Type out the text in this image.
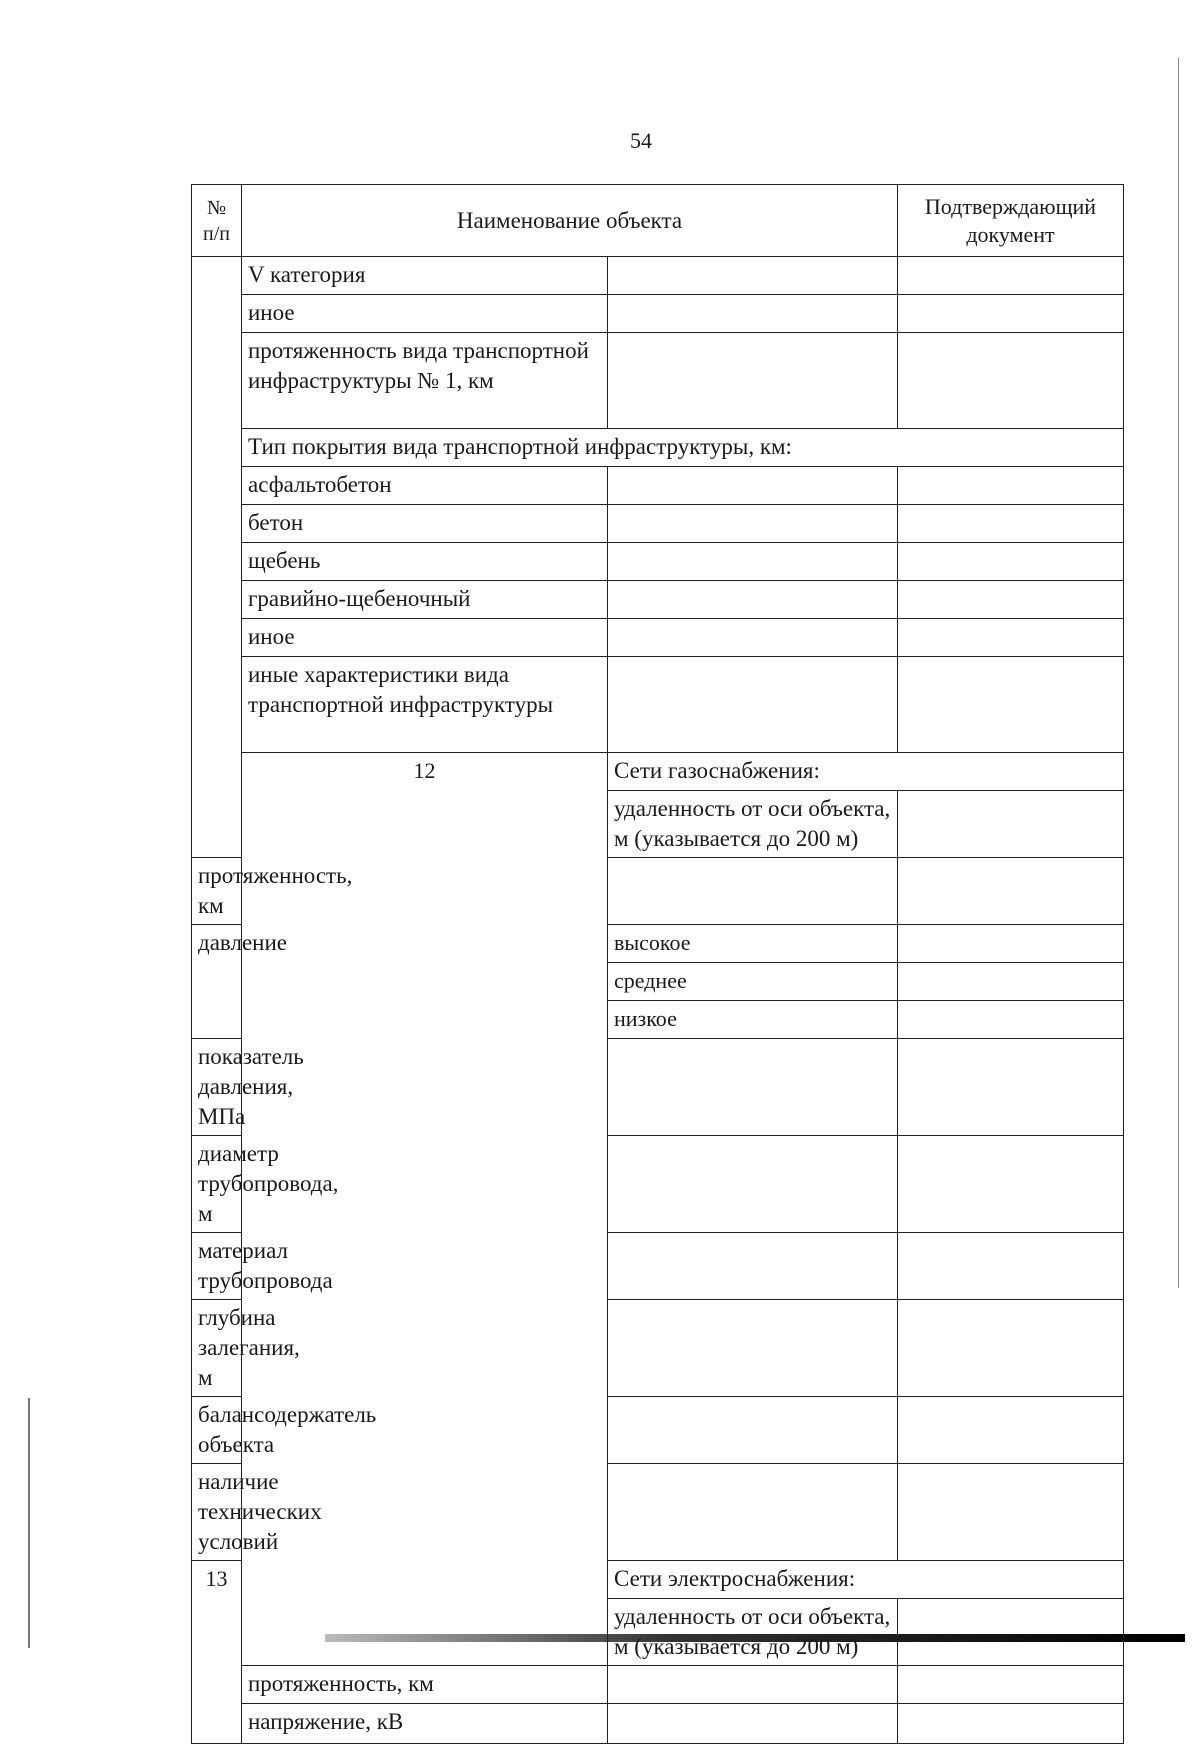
54
№ п/п	Наименование объекта		Подтверждающий документ	
	V категория			
	иное			
	протяженность вида транспортной инфраструктуры № 1, км			
	Тип покрытия вида транспортной инфраструктуры, км:			
	асфальтобетон			
	бетон			
	щебень			
	гравийно-щебеночный			
	иное			
	иные характеристики вида транспортной инфраструктуры			
	12	Сети газоснабжения:		
		удаленность от оси объекта, м (указывается до 200 м)		
протяженность, км				
давление		высокое		
		среднее		
		низкое		
показатель давления, МПа				
диаметр трубопровода, м				
материал трубопровода				
глубина залегания, м				
балансодержатель объекта				
наличие технических условий				
13		Сети электроснабжения:		
		удаленность от оси объекта, м (указывается до 200 м)		
	протяженность, км			
	напряжение, кВ			
